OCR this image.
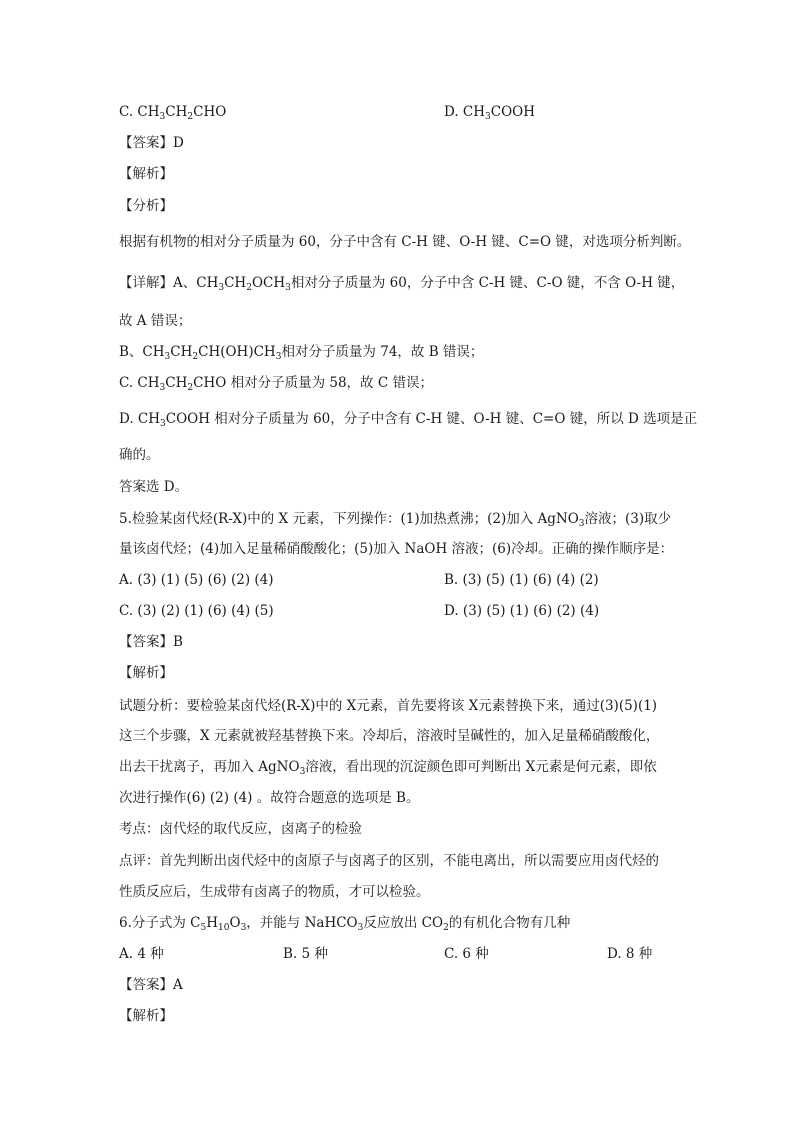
C. $CH_3CH_2CHO$	D. $CH_3COOH$
【答案】D
【解析】
【分析】
根据有机物的相对分子质量为 60，分子中含有 C-H 键、O-H 键、C=O 键，对选项分析判断。
【详解】A、$CH_3CH_2OCH_3$相对分子质量为 60，分子中含 C-H 键、C-O 键，不含 O-H 键，
故 A 错误；
B、$CH_3CH_2CH(OH)CH_3$相对分子质量为 74，故 B 错误；
C. $CH_3CH_2CHO$ 相对分子质量为 58，故 C 错误；
D. $CH_3COOH$ 相对分子质量为 60，分子中含有 C-H 键、O-H 键、C=O 键，所以 D 选项是正
确的。
答案选 D。
5.检验某卤代烃(R-X)中的 X 元素，下列操作：(1)加热煮沸；(2)加入 AgNO$_3$溶液；(3)取少
量该卤代烃；(4)加入足量稀硝酸酸化；(5)加入 NaOH 溶液；(6)冷却。正确的操作顺序是：
A. (3) (1) (5) (6) (2) (4)	B. (3) (5) (1) (6) (4) (2)
C. (3) (2) (1) (6) (4) (5)	D. (3) (5) (1) (6) (2) (4)
【答案】B
【解析】
试题分析：要检验某卤代烃(R-X)中的 X元素，首先要将该 X元素替换下来，通过(3)(5)(1)
这三个步骤，X 元素就被羟基替换下来。冷却后，溶液时呈碱性的，加入足量稀硝酸酸化，
出去干扰离子，再加入 AgNO$_3$溶液，看出现的沉淀颜色即可判断出 X元素是何元素，即依
次进行操作(6) (2) (4) 。故符合题意的选项是 B。
考点：卤代烃的取代反应，卤离子的检验
点评：首先判断出卤代烃中的卤原子与卤离子的区别，不能电离出，所以需要应用卤代烃的
性质反应后，生成带有卤离子的物质，才可以检验。
6.分子式为 $C_5H_{10}O_3$，并能与 NaHCO$_3$反应放出 $CO_2$的有机化合物有几种
A. 4 种	B. 5 种	C. 6 种	D. 8 种
【答案】A
【解析】
